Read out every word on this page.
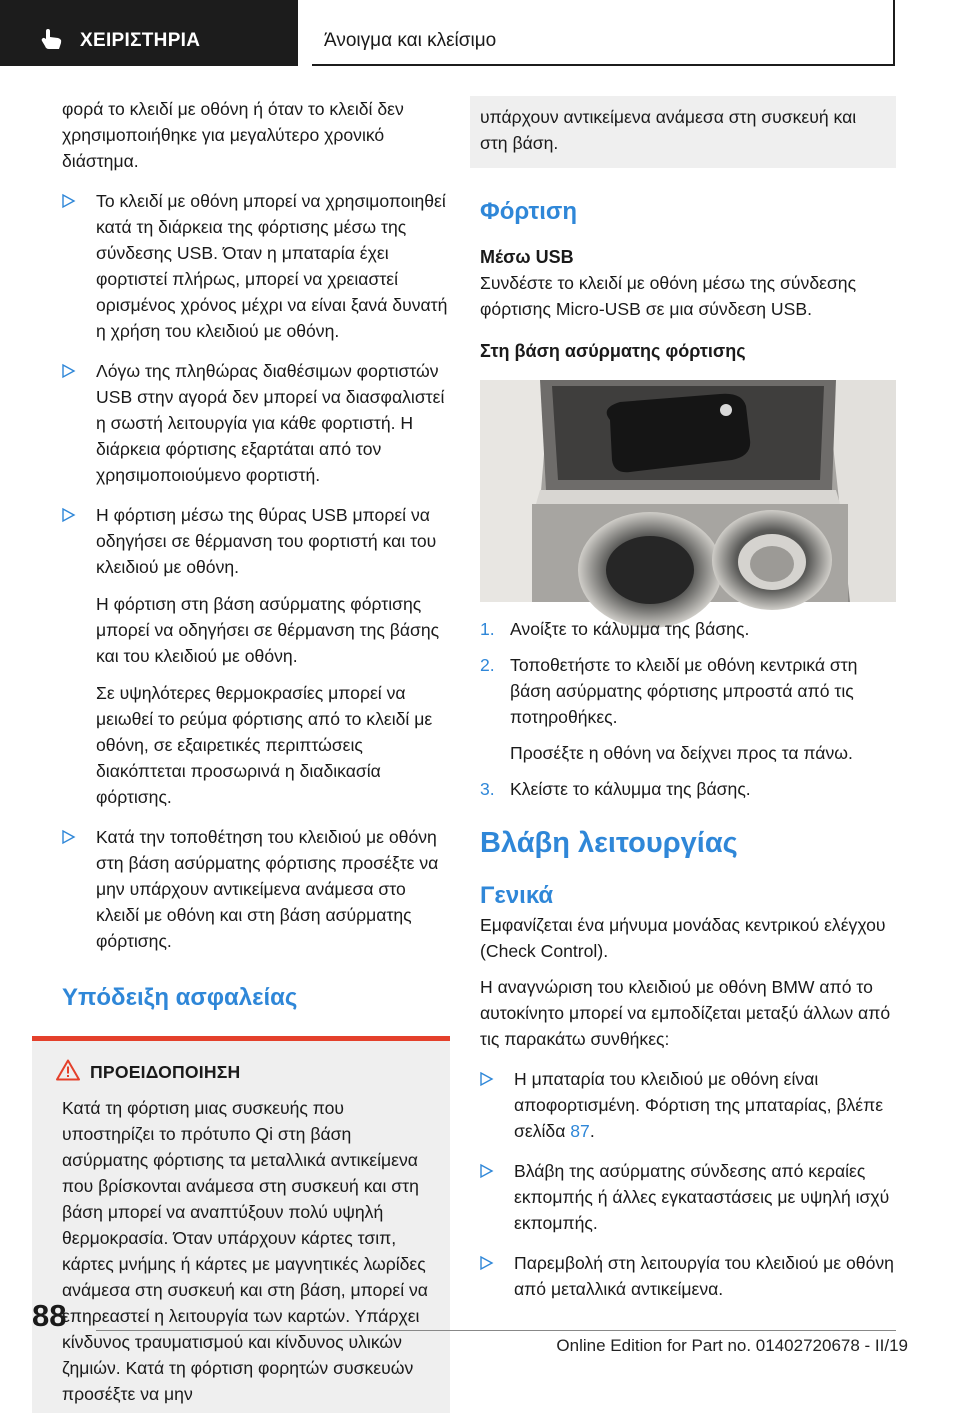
ΧΕΙΡΙΣΤΗΡΙΑ	Άνοιγμα και κλείσιμο

φορά το κλειδί με οθόνη ή όταν το κλειδί δεν χρησιμοποιήθηκε για μεγαλύτερο χρονικό διάστημα.

Το κλειδί με οθόνη μπορεί να χρησιμοποιηθεί κατά τη διάρκεια της φόρτισης μέσω της σύνδεσης USB. Όταν η μπαταρία έχει φορτιστεί πλήρως, μπορεί να χρειαστεί ορισμένος χρόνος μέχρι να είναι ξανά δυνατή η χρήση του κλειδιού με οθόνη.

Λόγω της πληθώρας διαθέσιμων φορτιστών USB στην αγορά δεν μπορεί να διασφαλιστεί η σωστή λειτουργία για κάθε φορτιστή. Η διάρκεια φόρτισης εξαρτάται από τον χρησιμοποιούμενο φορτιστή.

Η φόρτιση μέσω της θύρας USB μπορεί να οδηγήσει σε θέρμανση του φορτιστή και του κλειδιού με οθόνη.

Η φόρτιση στη βάση ασύρματης φόρτισης μπορεί να οδηγήσει σε θέρμανση της βάσης και του κλειδιού με οθόνη.

Σε υψηλότερες θερμοκρασίες μπορεί να μειωθεί το ρεύμα φόρτισης από το κλειδί με οθόνη, σε εξαιρετικές περιπτώσεις διακόπτεται προσωρινά η διαδικασία φόρτισης.

Κατά την τοποθέτηση του κλειδιού με οθόνη στη βάση ασύρματης φόρτισης προσέξτε να μην υπάρχουν αντικείμενα ανάμεσα στο κλειδί με οθόνη και στη βάση ασύρματης φόρτισης.

Υπόδειξη ασφαλείας
ΠΡΟΕΙΔΟΠΟΙΗΣΗ

Κατά τη φόρτιση μιας συσκευής που υποστηρίζει το πρότυπο Qi στη βάση ασύρματης φόρτισης τα μεταλλικά αντικείμενα που βρίσκονται ανάμεσα στη συσκευή και στη βάση μπορεί να αναπτύξουν πολύ υψηλή θερμοκρασία. Όταν υπάρχουν κάρτες τσιπ, κάρτες μνήμης ή κάρτες με μαγνητικές λωρίδες ανάμεσα στη συσκευή και στη βάση, μπορεί να επηρεαστεί η λειτουργία των καρτών. Υπάρχει κίνδυνος τραυματισμού και κίνδυνος υλικών ζημιών. Κατά τη φόρτιση φορητών συσκευών προσέξτε να μην

υπάρχουν αντικείμενα ανάμεσα στη συσκευή και στη βάση.

Φόρτιση
Μέσω USB

Συνδέστε το κλειδί με οθόνη μέσω της σύνδεσης φόρτισης Micro-USB σε μια σύνδεση USB.

Στη βάση ασύρματης φόρτισης
1. Ανοίξτε το κάλυμμα της βάσης.

2. Τοποθετήστε το κλειδί με οθόνη κεντρικά στη βάση ασύρματης φόρτισης μπροστά από τις ποτηροθήκες.

Προσέξτε η οθόνη να δείχνει προς τα πάνω.

3. Κλείστε το κάλυμμα της βάσης.

Βλάβη λειτουργίας
Γενικά

Εμφανίζεται ένα μήνυμα μονάδας κεντρικού ελέγχου (Check Control).

Η αναγνώριση του κλειδιού με οθόνη BMW από το αυτοκίνητο μπορεί να εμποδίζεται μεταξύ άλλων από τις παρακάτω συνθήκες:

Η μπαταρία του κλειδιού με οθόνη είναι αποφορτισμένη. Φόρτιση της μπαταρίας, βλέπε σελίδα 87.

Βλάβη της ασύρματης σύνδεσης από κεραίες εκπομπής ή άλλες εγκαταστάσεις με υψηλή ισχύ εκπομπής.

Παρεμβολή στη λειτουργία του κλειδιού με οθόνη από μεταλλικά αντικείμενα.

88
Online Edition for Part no. 01402720678 - II/19
